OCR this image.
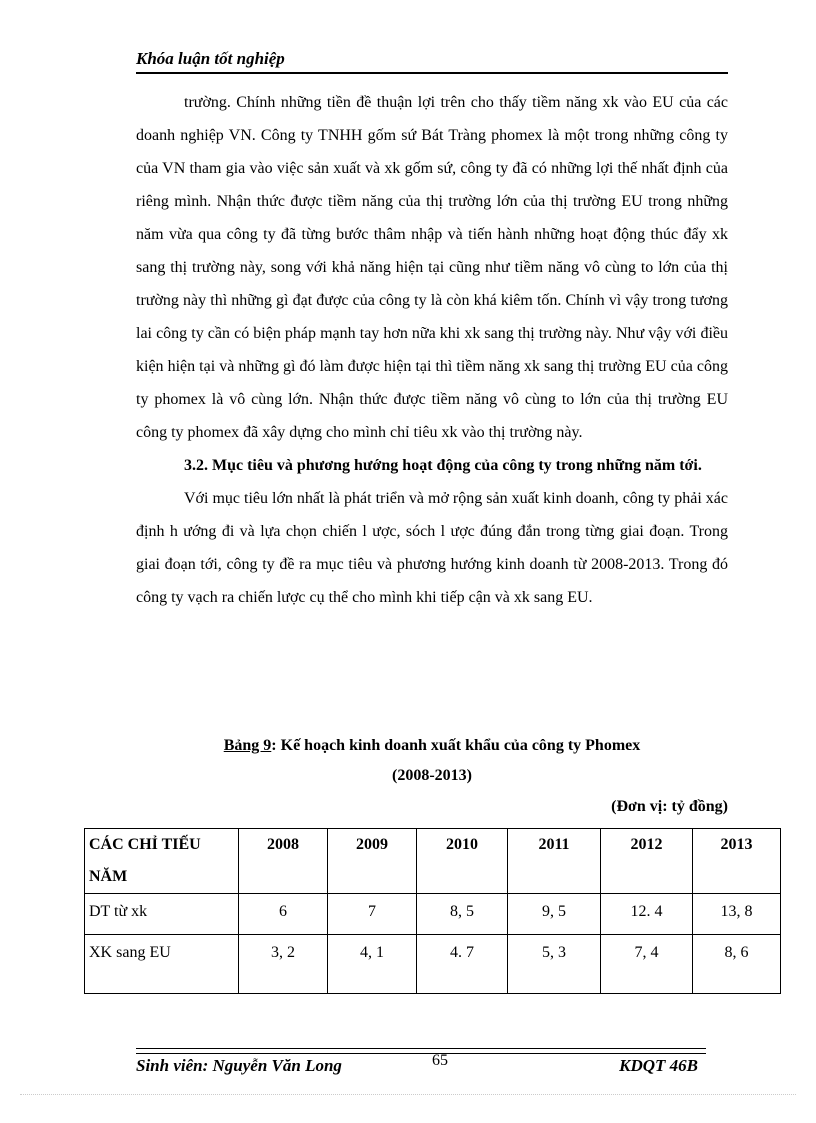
Khóa luận tốt nghiệp

trường. Chính những tiền đề thuận lợi trên cho thấy tiềm năng xk vào EU của các doanh nghiệp VN. Công ty TNHH gốm sứ Bát Tràng phomex là một trong những công ty của VN tham gia vào việc sản xuất và xk gốm sứ, công ty đã có những lợi thế nhất định của riêng mình. Nhận thức được tiềm năng của thị trường lớn của thị trường EU trong những năm vừa qua công ty đã từng bước thâm nhập và tiến hành những hoạt động thúc đẩy xk sang thị trường này, song với khả năng hiện tại cũng như tiềm năng vô cùng to lớn của thị trường này thì những gì đạt được của công ty là còn khá kiêm tốn. Chính vì vậy trong tương lai công ty cần có biện pháp mạnh tay hơn nữa khi xk sang thị trường này. Như vậy với điều kiện hiện tại và những gì đó làm được hiện tại thì tiềm năng xk sang thị trường EU của công ty phomex là vô cùng lớn. Nhận thức được tiềm năng vô cùng to lớn của thị trường EU công ty phomex đã xây dựng cho mình chỉ tiêu xk vào thị trường này.

3.2. Mục tiêu và phương hướng hoạt động của công ty trong những năm tới.

Với mục tiêu lớn nhất là phát triển và mở rộng sản xuất kinh doanh, công ty phải xác định h ướng đi và lựa chọn chiến l ược, sóch l ược đúng đắn trong từng giai đoạn. Trong giai đoạn tới, công ty đề ra mục tiêu và phương hướng kinh doanh từ 2008-2013. Trong đó công ty vạch ra chiến lược cụ thể cho mình khi tiếp cận và xk sang EU.

Bảng 9: Kế hoạch kinh doanh xuất khẩu của công ty Phomex
(2008-2013)
(Đơn vị: tỷ đồng)
CÁC CHỈ TIẾU
NĂM	2008	2009	2010	2011	2012	2013
DT từ xk	6	7	8, 5	9, 5	12. 4	13, 8
XK sang EU	3, 2	4, 1	4. 7	5, 3	7, 4	8, 6
Sinh viên: Nguyễn Văn Long	65	KDQT 46B
